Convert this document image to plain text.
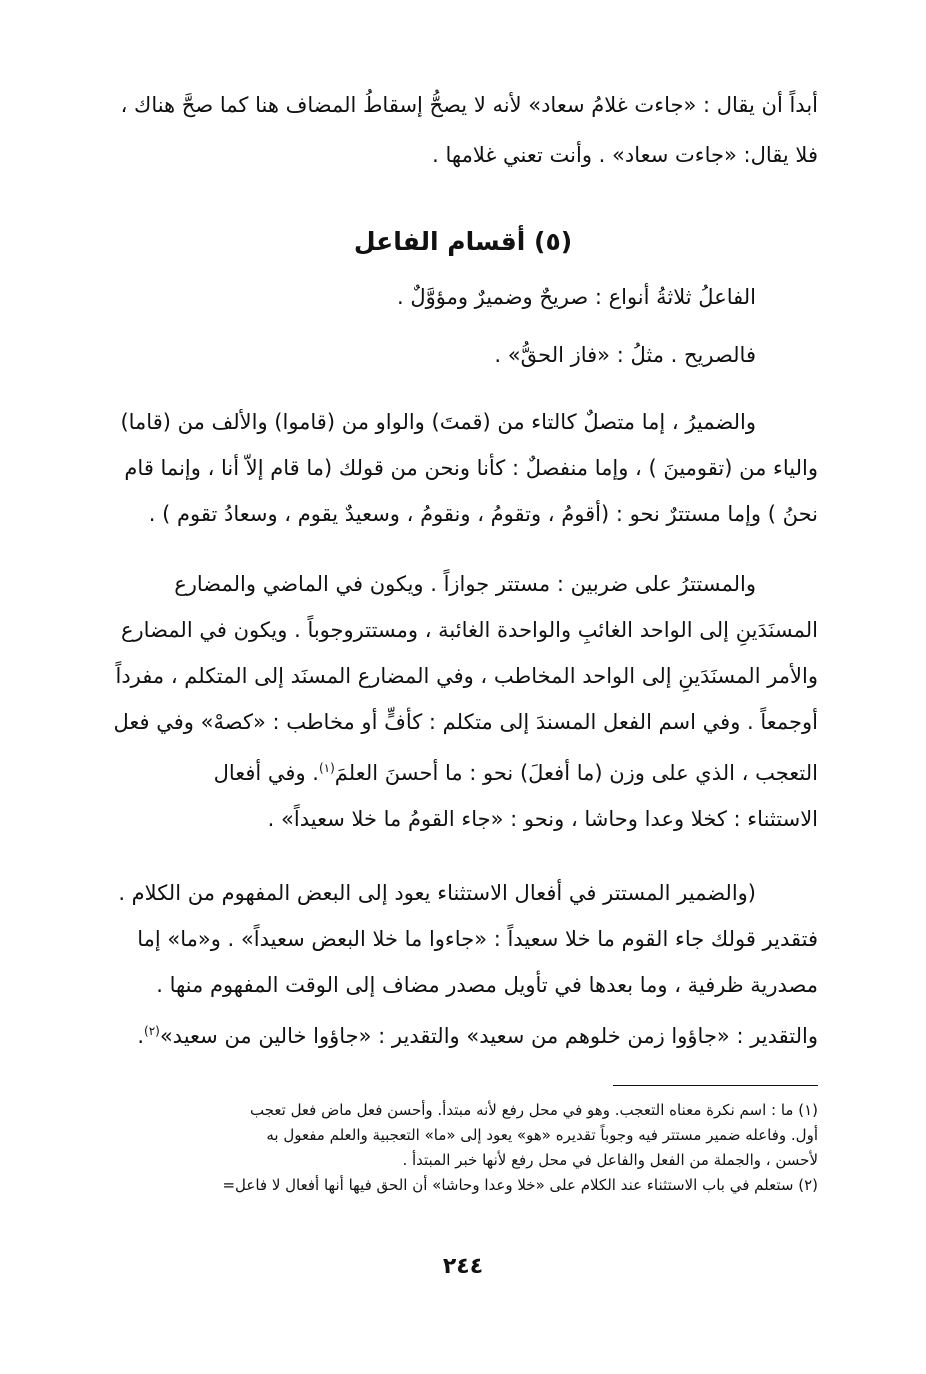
أبداً أن يقال : «جاءت غلامُ سعاد» لأنه لا يصحُّ إسقاطُ المضاف هنا كما صحَّ هناك ،
فلا يقال: «جاءت سعاد» . وأنت تعني غلامها .
(٥) أقسام الفاعل
الفاعلُ ثلاثةُ أنواع : صريحٌ وضميرٌ ومؤوَّلٌ .
فالصريح . مثلُ : «فاز الحقُّ» .
والضميرُ ، إما متصلٌ كالتاء من (قمتَ) والواو من (قاموا) والألف من (قاما)
والياء من (تقومينَ ) ، وإما منفصلٌ : كأنا ونحن من قولك (ما قام إلاّ أنا ، وإنما قام
نحنُ ) وإما مستترٌ نحو : (أقومُ ، وتقومُ ، ونقومُ ، وسعيدٌ يقوم ، وسعادُ تقوم ) .
والمستترُ على ضربين : مستتر جوازاً . ويكون في الماضي والمضارع
المسنَدَينِ إلى الواحد الغائبِ والواحدة الغائبة ، ومستتروجوباً . ويكون في المضارع
والأمر المسنَدَينِ إلى الواحد المخاطب ، وفي المضارع المسنَد إلى المتكلم ، مفرداً
أوجمعاً . وفي اسم الفعل المسندَ إلى متكلم : كأفٍّ أو مخاطب : «كصهْ» وفي فعل
التعجب ، الذي على وزن (ما أفعلَ) نحو : ما أحسنَ العلمَ$^{(١)}$. وفي أفعال
الاستثناء : كخلا وعدا وحاشا ، ونحو : «جاء القومُ ما خلا سعيداً» .
(والضمير المستتر في أفعال الاستثناء يعود إلى البعض المفهوم من الكلام .
فتقدير قولك جاء القوم ما خلا سعيداً : «جاءوا ما خلا البعض سعيداً» . و«ما» إما
مصدرية ظرفية ، وما بعدها في تأويل مصدر مضاف إلى الوقت المفهوم منها .
والتقدير : «جاؤوا زمن خلوهم من سعيد» والتقدير : «جاؤوا خالين من سعيد»$^{(٢)}$.
(١) ما : اسم نكرة معناه التعجب. وهو في محل رفع لأنه مبتدأ. وأحسن فعل ماض فعل تعجب
أول. وفاعله ضمير مستتر فيه وجوباً تقديره «هو» يعود إلى «ما» التعجبية والعلم مفعول به
لأحسن ، والجملة من الفعل والفاعل في محل رفع لأنها خبر المبتدأ .
(٢) ستعلم في باب الاستثناء عند الكلام على «خلا وعدا وحاشا» أن الحق فيها أنها أفعال لا فاعل=
٢٤٤
